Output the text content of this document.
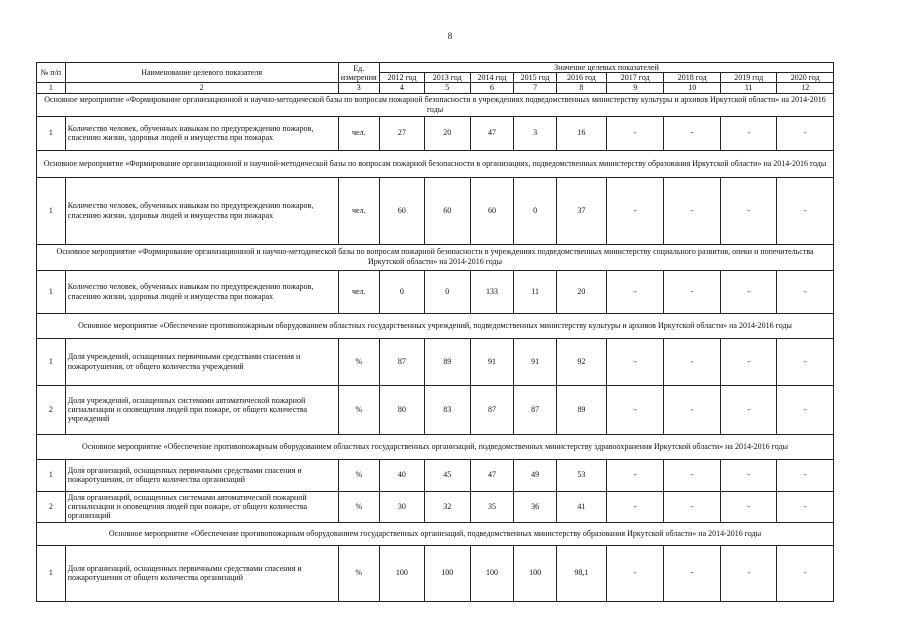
8
№ п/п	Наименование целевого показателя	Ед. измерения	Значение целевых показателей								
			2012 год	2013 год	2014 год	2015 год	2016 год	2017 год	2018 год	2019 год	2020 год
1	2	3	4	5	6	7	8	9	10	11	12
Основное мероприятие «Формирование организационной и научно-методической базы по вопросам пожарной безопасности в учреждениях подведомственных министерству культуры и архивов Иркутской области» на 2014-2016 годы											
1	Количество человек, обученных навыкам по предупреждению пожаров, спасению жизни, здоровья людей и имущества при пожарах	чел.	27	20	47	3	16	-	-	-	-
Основное мероприятие «Формирование организационной и научной-методической базы по вопросам пожарной безопасности в организациях, подведомственных министерству образования Иркутской области» на 2014-2016 годы											
1	Количество человек, обученных навыкам по предупреждению пожаров, спасению жизни, здоровья людей и имущества при пожарах	чел.	60	60	60	0	37	-	-	-	-
Основное мероприятие «Формирование организационной и научно-методической базы по вопросам пожарной безопасности в учреждениях подведомственных министерству социального развития, опеки и попечительства Иркутской области» на 2014-2016 годы											
1	Количество человек, обученных навыкам по предупреждению пожаров, спасению жизни, здоровья людей и имущества при пожарах	чел.	0	0	133	11	20	-	-	-	-
Основное мероприятие «Обеспечение противопожарным оборудованием областных государственных учреждений, подведомственных министерству культуры и архивов Иркутской области» на 2014-2016 годы											
1	Доля учреждений, оснащенных первичными средствами спасения и пожаротушения, от общего количества учреждений	%	87	89	91	91	92	-	-	-	-
2	Доля учреждений, оснащенных системами автоматической пожарной сигнализации и оповещения людей при пожаре, от общего количества учреждений	%	80	83	87	87	89	-	-	-	-
Основное мероприятие «Обеспечение противопожарным оборудованием областных государственных организаций, подведомственных министерству здравоохранения Иркутской области» на 2014-2016 годы											
1	Доля организаций, оснащенных первичными средствами спасения и пожаротушения, от общего количества организаций	%	40	45	47	49	53	-	-	-	-
2	Доля организаций, оснащенных системами автоматической пожарной сигнализации и оповещения людей при пожаре, от общего количества организаций	%	30	32	35	36	41	-	-	-	-
Основное мероприятие «Обеспечение противопожарным оборудованием государственных организаций, подведомственных министерству образования Иркутской области» на 2014-2016 годы											
1	Доля организаций, оснащенных первичными средствами спасения и пожаротушения от общего количества организаций	%	100	100	100	100	98,1	-	-	-	-
